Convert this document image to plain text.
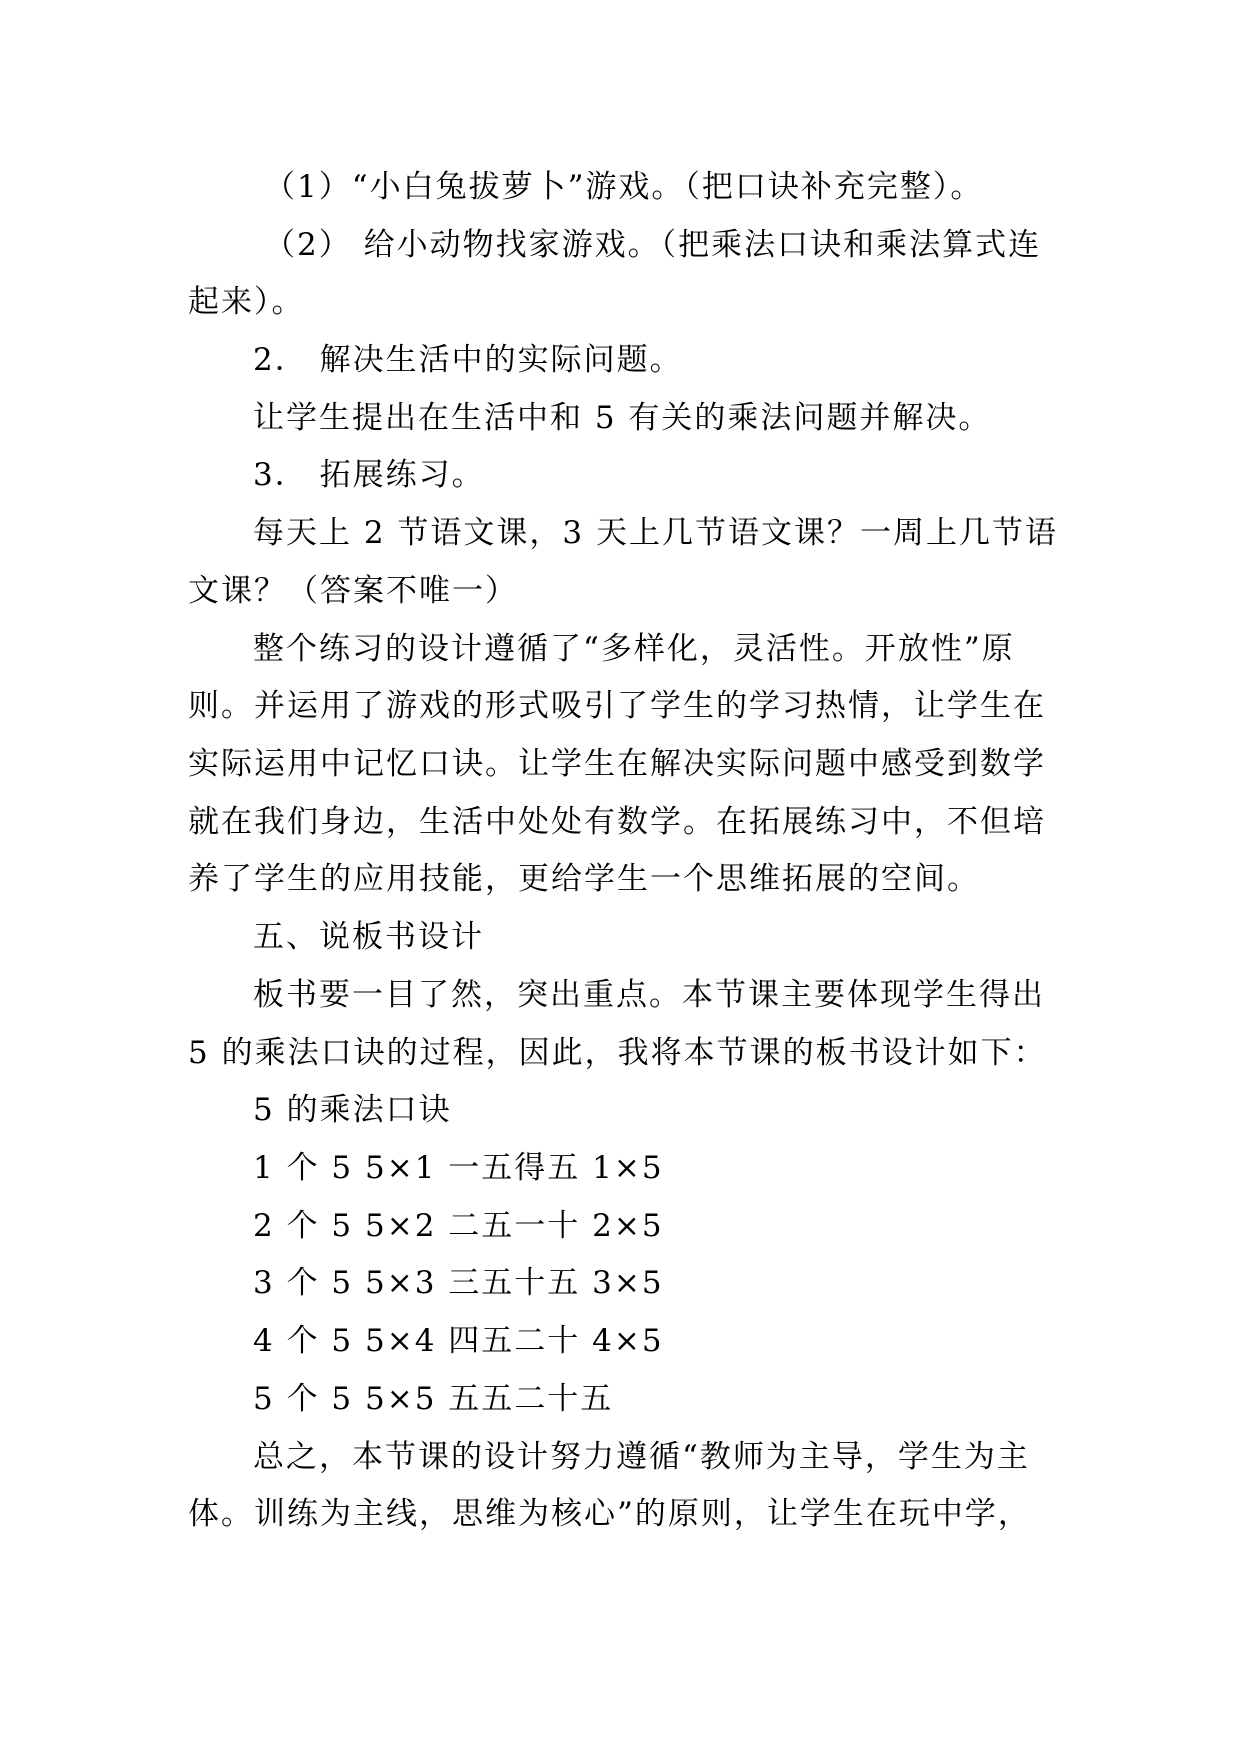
（1）“小白兔拔萝卜”游戏。（把口诀补充完整）。
（2） 给小动物找家游戏。（把乘法口诀和乘法算式连
起来）。
2． 解决生活中的实际问题。
让学生提出在生活中和 5 有关的乘法问题并解决。
3． 拓展练习。
每天上 2 节语文课，3 天上几节语文课？一周上几节语
文课？（答案不唯一）
整个练习的设计遵循了“多样化，灵活性。开放性”原
则。并运用了游戏的形式吸引了学生的学习热情，让学生在
实际运用中记忆口诀。让学生在解决实际问题中感受到数学
就在我们身边，生活中处处有数学。在拓展练习中，不但培
养了学生的应用技能，更给学生一个思维拓展的空间。
五、说板书设计
板书要一目了然，突出重点。本节课主要体现学生得出
5 的乘法口诀的过程，因此，我将本节课的板书设计如下：
5 的乘法口诀
1 个 5 5×1 一五得五 1×5
2 个 5 5×2 二五一十 2×5
3 个 5 5×3 三五十五 3×5
4 个 5 5×4 四五二十 4×5
5 个 5 5×5 五五二十五
总之，本节课的设计努力遵循“教师为主导，学生为主
体。训练为主线，思维为核心”的原则，让学生在玩中学，
